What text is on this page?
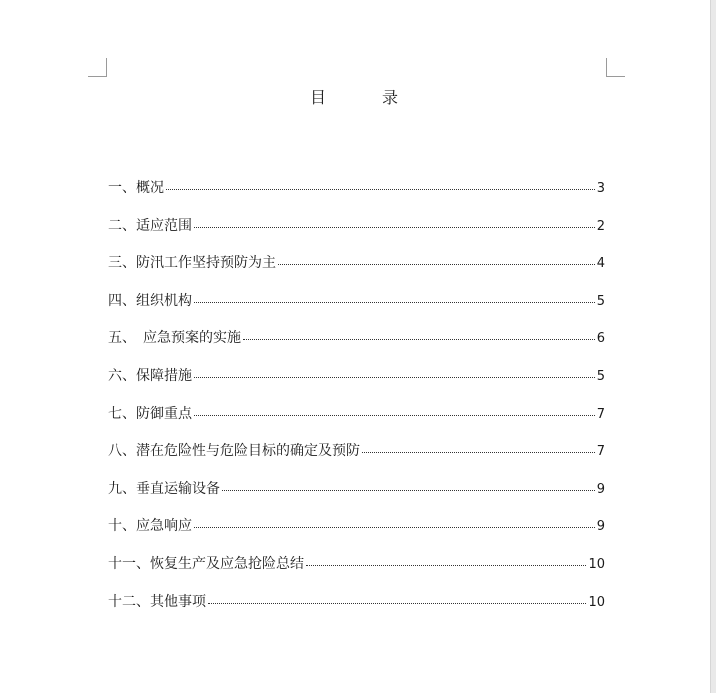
目　录
一、概况	3
二、适应范围	2
三、防汛工作坚持预防为主	4
四、组织机构	5
五、　应急预案的实施	6
六、保障措施	5
七、防御重点	7
八、潜在危险性与危险目标的确定及预防	7
九、垂直运输设备	9
十、应急响应	9
十一、恢复生产及应急抢险总结	10
十二、其他事项	10
